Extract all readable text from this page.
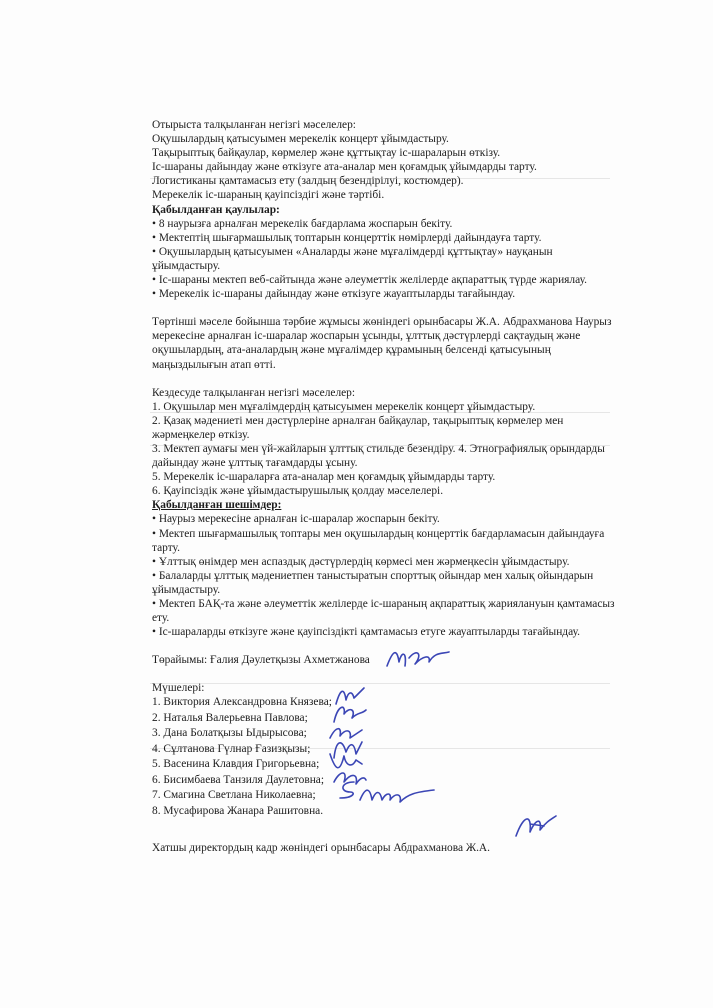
Отырыста талқыланған негізгі мәселелер:

Оқушылардың қатысуымен мерекелік концерт ұйымдастыру.

Тақырыптық байқаулар, көрмелер және құттықтау іс-шараларын өткізу.

Іс-шараны дайындау және өткізуге ата-аналар мен қоғамдық ұйымдарды тарту.

Логистиканы қамтамасыз ету (залдың безендірілуі, костюмдер).

Мерекелік іс-шараның қауіпсіздігі және тәртібі.

Қабылданған қаулылар:

• 8 наурызға арналған мерекелік бағдарлама жоспарын бекіту.

• Мектептің шығармашылық топтарын концерттік нөмірлерді дайындауға тарту.

• Оқушылардың қатысуымен «Аналарды және мұғалімдерді құттықтау» науқанын ұйымдастыру.

• Іс-шараны мектеп веб-сайтында және әлеуметтік желілерде ақпараттық түрде жариялау.

• Мерекелік іс-шараны дайындау және өткізуге жауаптыларды тағайындау.

Төртінші мәселе бойынша тәрбие жұмысы жөніндегі орынбасары Ж.А. Абдрахманова Наурыз мерекесіне арналған іс-шаралар жоспарын ұсынды, ұлттық дәстүрлерді сақтаудың және оқушылардың, ата-аналардың және мұғалімдер құрамының белсенді қатысуының маңыздылығын атап өтті.

Кездесуде талқыланған негізгі мәселелер:

1. Оқушылар мен мұғалімдердің қатысуымен мерекелік концерт ұйымдастыру.

2. Қазақ мәдениеті мен дәстүрлеріне арналған байқаулар, тақырыптық көрмелер мен жәрмеңкелер өткізу.

3. Мектеп аумағы мен үй-жайларын ұлттық стильде безендіру. 4. Этнографиялық орындарды дайындау және ұлттық тағамдарды ұсыну.

5. Мерекелік іс-шараларға ата-аналар мен қоғамдық ұйымдарды тарту.

6. Қауіпсіздік және ұйымдастырушылық қолдау мәселелері.

Қабылданған шешімдер:

• Наурыз мерекесіне арналған іс-шаралар жоспарын бекіту.

• Мектеп шығармашылық топтары мен оқушылардың концерттік бағдарламасын дайындауға тарту.

• Ұлттық өнімдер мен аспаздық дәстүрлердің көрмесі мен жәрмеңкесін ұйымдастыру.

• Балаларды ұлттық мәдениетпен таныстыратын спорттық ойындар мен халық ойындарын ұйымдастыру.

• Мектеп БАҚ-та және әлеуметтік желілерде іс-шараның ақпараттық жариялануын қамтамасыз ету.

• Іс-шараларды өткізуге және қауіпсіздікті қамтамасыз етуге жауаптыларды тағайындау.

Төрайымы: Ғалия Дәулетқызы Ахметжанова

Мүшелері:

1. Виктория Александровна Князева;

2. Наталья Валерьевна Павлова;

3. Дана Болатқызы Ыдырысова;

4. Сұлтанова Гүлнар Ғазизқызы;

5. Васенина Клавдия Григорьевна;

6. Бисимбаева Танзиля Даулетовна;

7. Смагина Светлана Николаевна;

8. Мусафирова Жанара Рашитовна.

Хатшы директордың кадр жөніндегі орынбасары Абдрахманова Ж.А.
